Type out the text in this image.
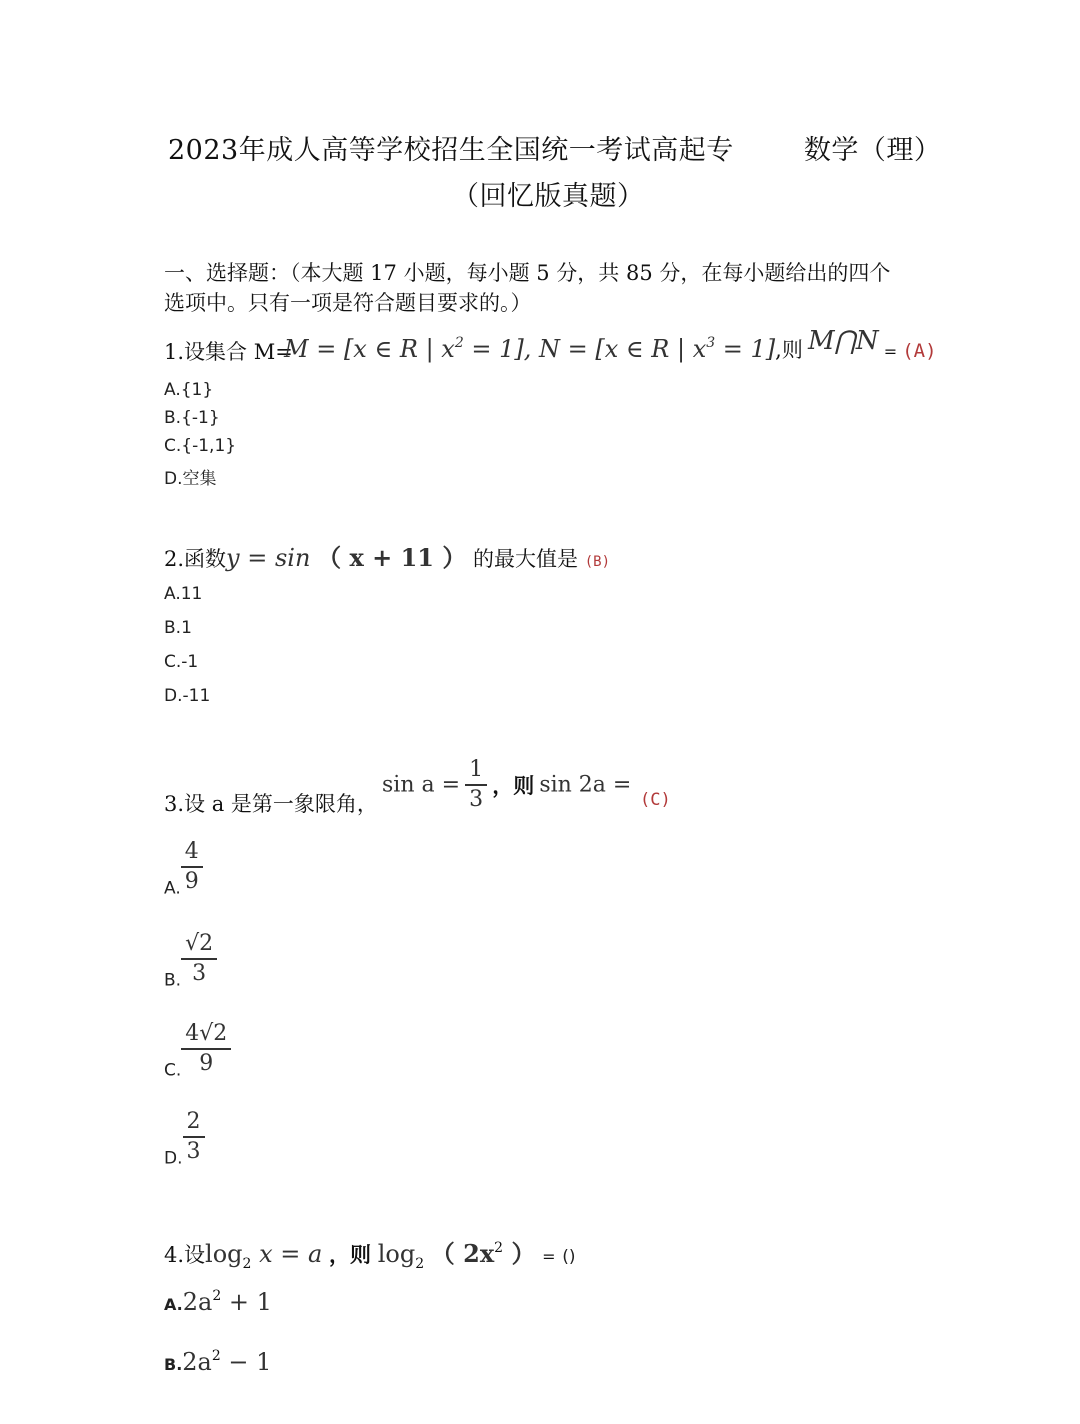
2023年成人高等学校招生全国统一考试高起专	数学（理）
（回忆版真题）
一、选择题：（本大题 17 小题，每小题 5 分，共 85 分，在每小题给出的四个
选项中。只有一项是符合题目要求的。）
1.设集合 M=
M = [x ∈ R | $x^2 = 1$], N = [x ∈ R | $x^3 = 1$],则 M⋂N = (A)
A.{1}
B.{-1}
C.{-1,1}
D.空集
2.函数y = sin （ x + 11 ） 的最大值是 (B)
A.11
B.1
C.-1
D.-11
3.设 a 是第一象限角，
$\sin a = \frac{1}{3}$ ，则 sin 2a =
(C)
A. $\frac{4}{9}$
B. $\frac{√2}{3}$
C. $\frac{4√2}{9}$
D. $\frac{2}{3}$
4.设$\log_2 x = a$ ，则 $\log_2$ （ $2x^2$ ） = ()
A.2a2 + 1
B.2a2 − 1
